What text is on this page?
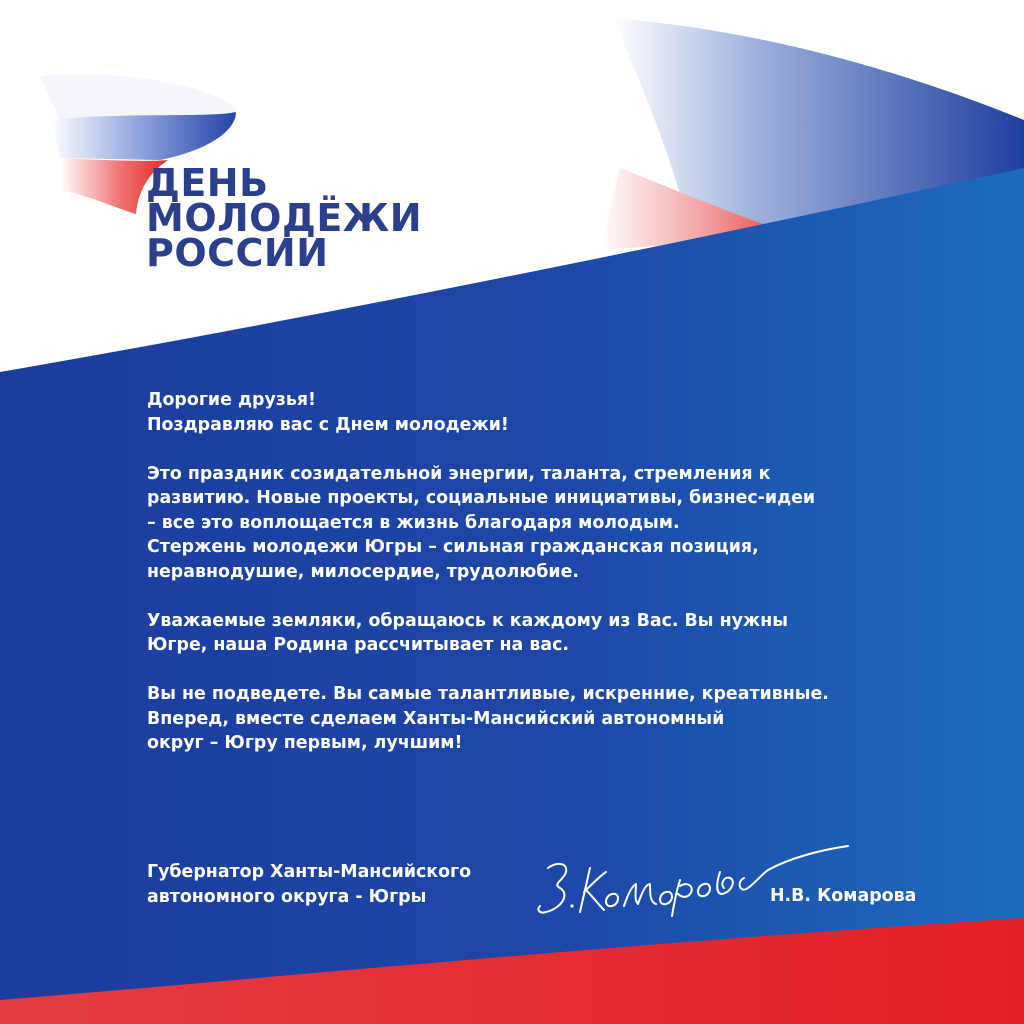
ДЕНЬ
МОЛОДЁЖИ
РОССИИ

Дорогие друзья!
Поздравляю вас с Днем молодежи!

Это праздник созидательной энергии, таланта, стремления к
развитию. Новые проекты, социальные инициативы, бизнес-идеи
– все это воплощается в жизнь благодаря молодым.
Стержень молодежи Югры – сильная гражданская позиция,
неравнодушие, милосердие, трудолюбие.

Уважаемые земляки, обращаюсь к каждому из Вас. Вы нужны
Югре, наша Родина рассчитывает на вас.

Вы не подведете. Вы самые талантливые, искренние, креативные.
Вперед, вместе сделаем Ханты-Мансийский автономный
округ – Югру первым, лучшим!

Губернатор Ханты-Мансийского
автономного округа - Югры	Н.В. Комарова
